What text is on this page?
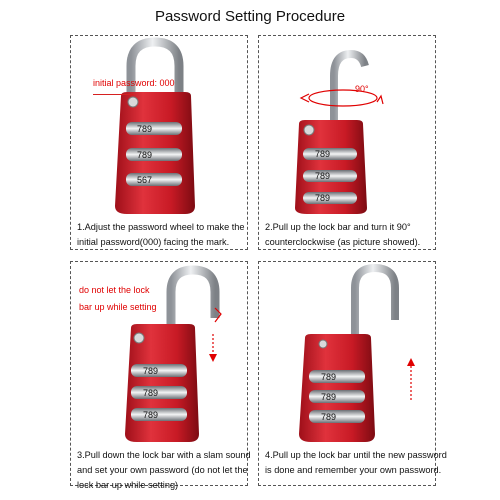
Password Setting Procedure
789
789
567
initial password: 000
1.Adjust the password wheel to make the
initial password(000) facing the mark.
789
789
789
90°
2.Pull up the lock bar and turn it 90°
counterclockwise (as picture showed).
789
789
789
do not let the lock
bar up while setting
3.Pull down the lock bar with a slam sound
and set your own password (do not let the
lock bar up while setting)
789
789
789
4.Pull up the lock bar until the new password
is done and remember your own password.
